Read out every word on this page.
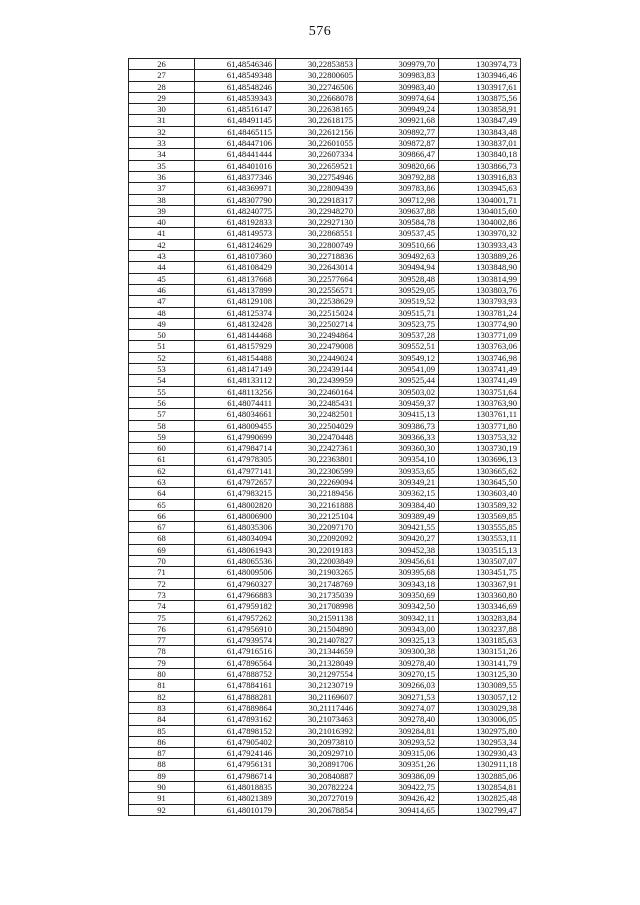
576
26	61,48546346	30,22853853	309979,70	1303974,73
27	61,48549348	30,22800605	309983,83	1303946,46
28	61,48548246	30,22746506	309983,40	1303917,61
29	61,48539343	30,22668078	309974,64	1303875,56
30	61,48516147	30,22638165	309949,24	1303858,91
31	61,48491145	30,22618175	309921,68	1303847,49
32	61,48465115	30,22612156	309892,77	1303843,48
33	61,48447106	30,22601055	309872,87	1303837,01
34	61,48441444	30,22607334	309866,47	1303840,18
35	61,48401016	30,22659521	309820,66	1303866,73
36	61,48377346	30,22754946	309792,88	1303916,83
37	61,48369971	30,22809439	309783,86	1303945,63
38	61,48307790	30,22918317	309712,98	1304001,71
39	61,48240775	30,22948270	309637,88	1304015,60
40	61,48192833	30,22927130	309584,78	1304002,86
41	61,48149573	30,22868551	309537,45	1303970,32
42	61,48124629	30,22800749	309510,66	1303933,43
43	61,48107360	30,22718836	309492,63	1303889,26
44	61,48108429	30,22643014	309494,94	1303848,90
45	61,48137668	30,22577664	309528,48	1303814,99
46	61,48137899	30,22556571	309529,05	1303803,76
47	61,48129108	30,22538629	309519,52	1303793,93
48	61,48125374	30,22515024	309515,71	1303781,24
49	61,48132428	30,22502714	309523,75	1303774,90
50	61,48144468	30,22494864	309537,28	1303771,09
51	61,48157929	30,22479008	309552,51	1303763,06
52	61,48154488	30,22449024	309549,12	1303746,98
53	61,48147149	30,22439144	309541,09	1303741,49
54	61,48133112	30,22439959	309525,44	1303741,49
55	61,48113256	30,22460164	309503,02	1303751,64
56	61,48074411	30,22485431	309459,37	1303763,90
57	61,48034661	30,22482501	309415,13	1303761,11
58	61,48009455	30,22504029	309386,73	1303771,80
59	61,47990699	30,22470448	309366,33	1303753,32
60	61,47984714	30,22427361	309360,30	1303730,19
61	61,47978305	30,22363801	309354,10	1303696,13
62	61,47977141	30,22306599	309353,65	1303665,62
63	61,47972657	30,22269094	309349,21	1303645,50
64	61,47983215	30,22189456	309362,15	1303603,40
65	61,48002820	30,22161888	309384,40	1303589,32
66	61,48006900	30,22125104	309389,49	1303569,85
67	61,48035306	30,22097170	309421,55	1303555,85
68	61,48034094	30,22092092	309420,27	1303553,11
69	61,48061943	30,22019183	309452,38	1303515,13
70	61,48065536	30,22003849	309456,61	1303507,07
71	61,48009506	30,21903265	309395,68	1303451,75
72	61,47960327	30,21748769	309343,18	1303367,91
73	61,47966883	30,21735039	309350,69	1303360,80
74	61,47959182	30,21708998	309342,50	1303346,69
75	61,47957262	30,21591138	309342,11	1303283,84
76	61,47956910	30,21504890	309343,00	1303237,88
77	61,47939574	30,21407827	309325,13	1303185,63
78	61,47916516	30,21344659	309300,38	1303151,26
79	61,47896564	30,21328049	309278,40	1303141,79
80	61,47888752	30,21297554	309270,15	1303125,30
81	61,47884161	30,21230719	309266,03	1303089,55
82	61,47888281	30,21169607	309271,53	1303057,12
83	61,47889864	30,21117446	309274,07	1303029,38
84	61,47893162	30,21073463	309278,40	1303006,05
85	61,47898152	30,21016392	309284,81	1302975,80
86	61,47905402	30,20973810	309293,52	1302953,34
87	61,47924146	30,20929710	309315,06	1302930,43
88	61,47956131	30,20891706	309351,26	1302911,18
89	61,47986714	30,20840887	309386,09	1302885,06
90	61,48018835	30,20782224	309422,75	1302854,81
91	61,48021389	30,20727019	309426,42	1302825,48
92	61,48010179	30,20678854	309414,65	1302799,47
